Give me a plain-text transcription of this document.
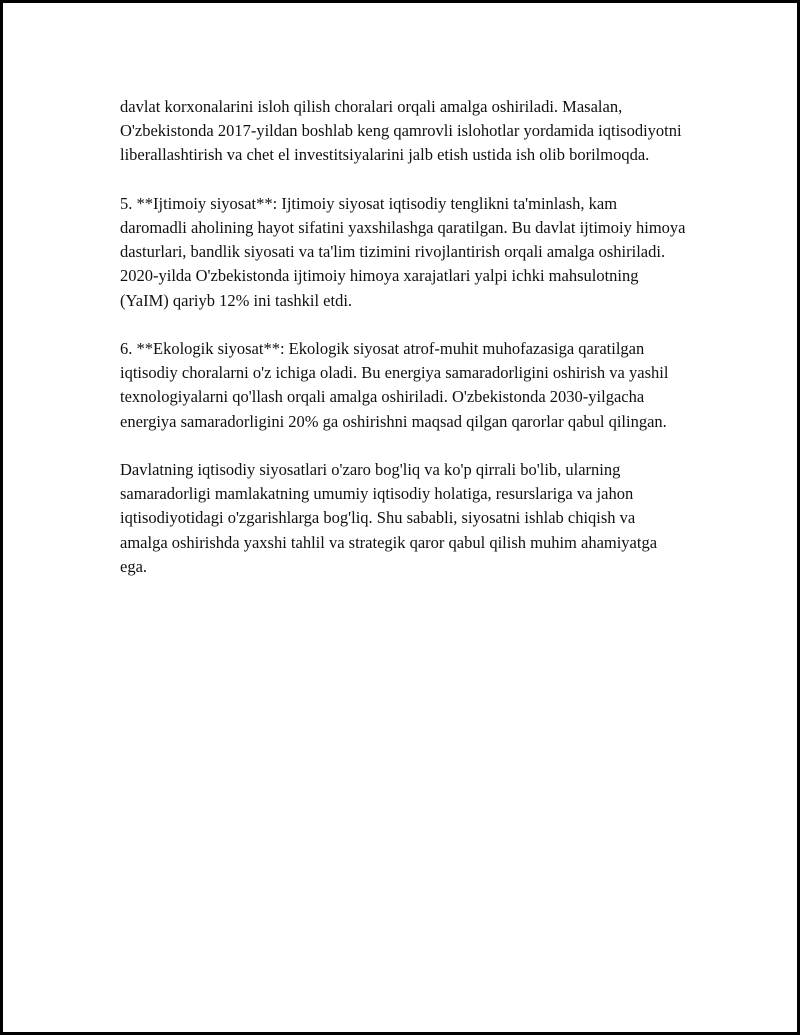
davlat korxonalarini isloh qilish choralari orqali amalga oshiriladi. Masalan, O'zbekistonda 2017-yildan boshlab keng qamrovli islohotlar yordamida iqtisodiyotni liberallashtirish va chet el investitsiyalarini jalb etish ustida ish olib borilmoqda.

5. **Ijtimoiy siyosat**: Ijtimoiy siyosat iqtisodiy tenglikni ta'minlash, kam daromadli aholining hayot sifatini yaxshilashga qaratilgan. Bu davlat ijtimoiy himoya dasturlari, bandlik siyosati va ta'lim tizimini rivojlantirish orqali amalga oshiriladi. 2020-yilda O'zbekistonda ijtimoiy himoya xarajatlari yalpi ichki mahsulotning (YaIM) qariyb 12% ini tashkil etdi.

6. **Ekologik siyosat**: Ekologik siyosat atrof-muhit muhofazasiga qaratilgan iqtisodiy choralarni o'z ichiga oladi. Bu energiya samaradorligini oshirish va yashil texnologiyalarni qo'llash orqali amalga oshiriladi. O'zbekistonda 2030-yilgacha energiya samaradorligini 20% ga oshirishni maqsad qilgan qarorlar qabul qilingan.

Davlatning iqtisodiy siyosatlari o'zaro bog'liq va ko'p qirrali bo'lib, ularning samaradorligi mamlakatning umumiy iqtisodiy holatiga, resurslariga va jahon iqtisodiyotidagi o'zgarishlarga bog'liq. Shu sababli, siyosatni ishlab chiqish va amalga oshirishda yaxshi tahlil va strategik qaror qabul qilish muhim ahamiyatga ega.
